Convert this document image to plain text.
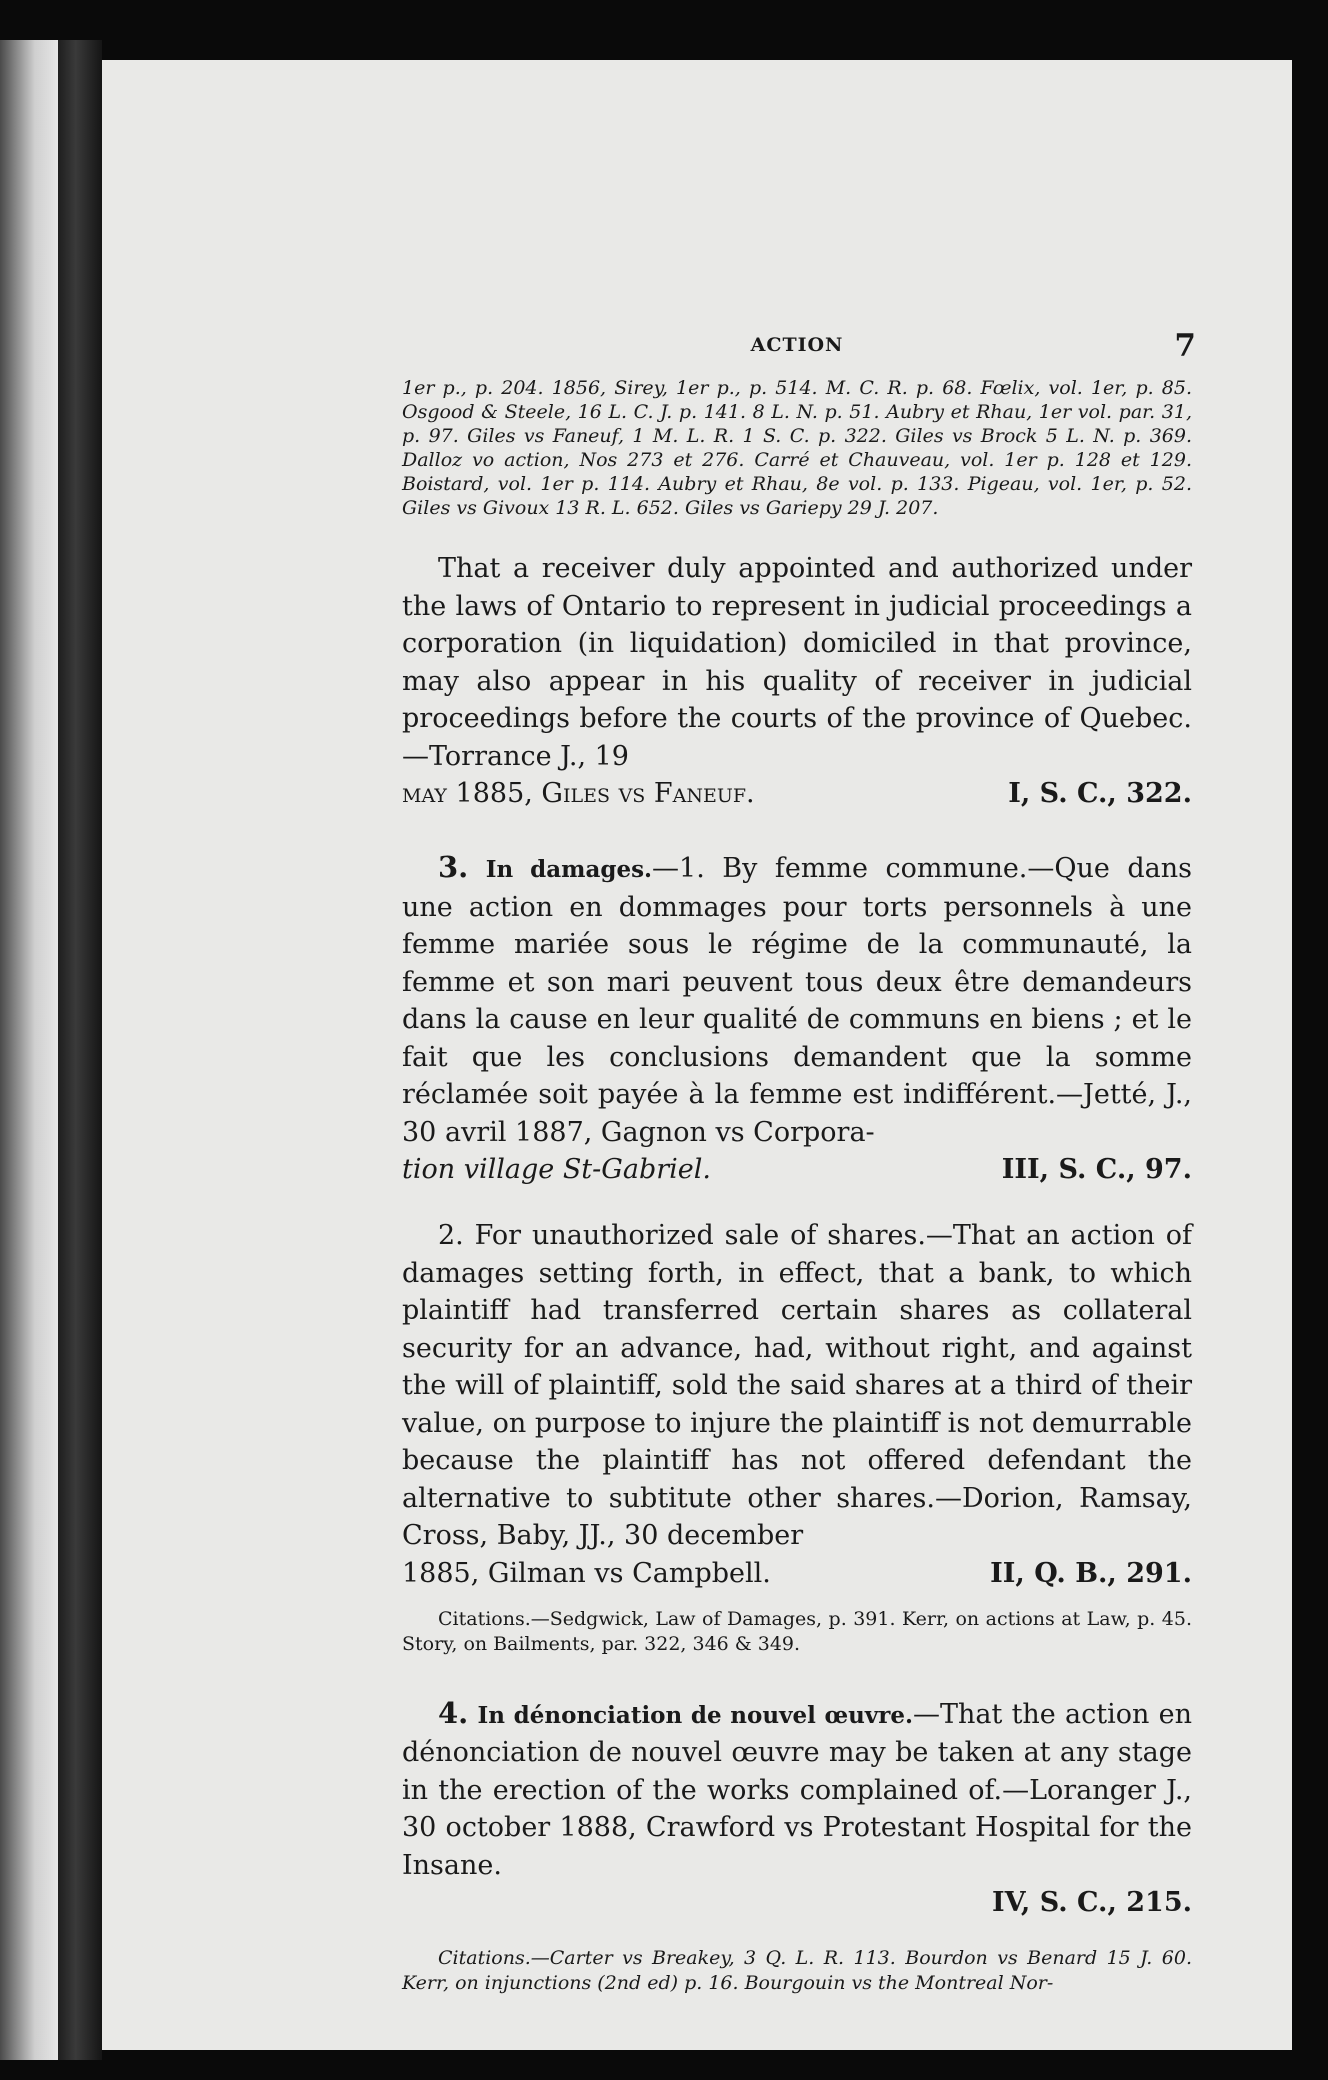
ACTION	7

1er p., p. 204. 1856, Sirey, 1er p., p. 514. M. C. R. p. 68. Fœlix, vol. 1er, p. 85. Osgood & Steele, 16 L. C. J. p. 141. 8 L. N. p. 51. Aubry et Rhau, 1er vol. par. 31, p. 97. Giles vs Faneuf, 1 M. L. R. 1 S. C. p. 322. Giles vs Brock 5 L. N. p. 369. Dalloz vo action, Nos 273 et 276. Carré et Chauveau, vol. 1er p. 128 et 129. Boistard, vol. 1er p. 114. Aubry et Rhau, 8e vol. p. 133. Pigeau, vol. 1er, p. 52. Giles vs Givoux 13 R. L. 652. Giles vs Gariepy 29 J. 207.

That a receiver duly appointed and authorized under the laws of Ontario to represent in judicial proceedings a corporation (in liquidation) domiciled in that province, may also appear in his quality of receiver in judicial proceedings before the courts of the province of Quebec.—Torrance J., 19

may 1885, Giles vs Faneuf.	I, S. C., 322.

3. In damages.—1. By femme commune.—Que dans une action en dommages pour torts personnels à une femme mariée sous le régime de la communauté, la femme et son mari peuvent tous deux être demandeurs dans la cause en leur qualité de communs en biens ; et le fait que les conclusions demandent que la somme réclamée soit payée à la femme est indifférent.—Jetté, J., 30 avril 1887, Gagnon vs Corpora-

tion village St-Gabriel.	III, S. C., 97.

2. For unauthorized sale of shares.—That an action of damages setting forth, in effect, that a bank, to which plaintiff had transferred certain shares as collateral security for an advance, had, without right, and against the will of plaintiff, sold the said shares at a third of their value, on purpose to injure the plaintiff is not demurrable because the plaintiff has not offered defendant the alternative to subtitute other shares.—Dorion, Ramsay, Cross, Baby, JJ., 30 december

1885, Gilman vs Campbell.	II, Q. B., 291.

Citations.—Sedgwick, Law of Damages, p. 391. Kerr, on actions at Law, p. 45. Story, on Bailments, par. 322, 346 & 349.

4. In dénonciation de nouvel œuvre.—That the action en dénonciation de nouvel œuvre may be taken at any stage in the erection of the works complained of.—Loranger J., 30 october 1888, Crawford vs Protestant Hospital for the Insane.

IV, S. C., 215.

Citations.—Carter vs Breakey, 3 Q. L. R. 113. Bourdon vs Benard 15 J. 60. Kerr, on injunctions (2nd ed) p. 16. Bourgouin vs the Montreal Nor-
